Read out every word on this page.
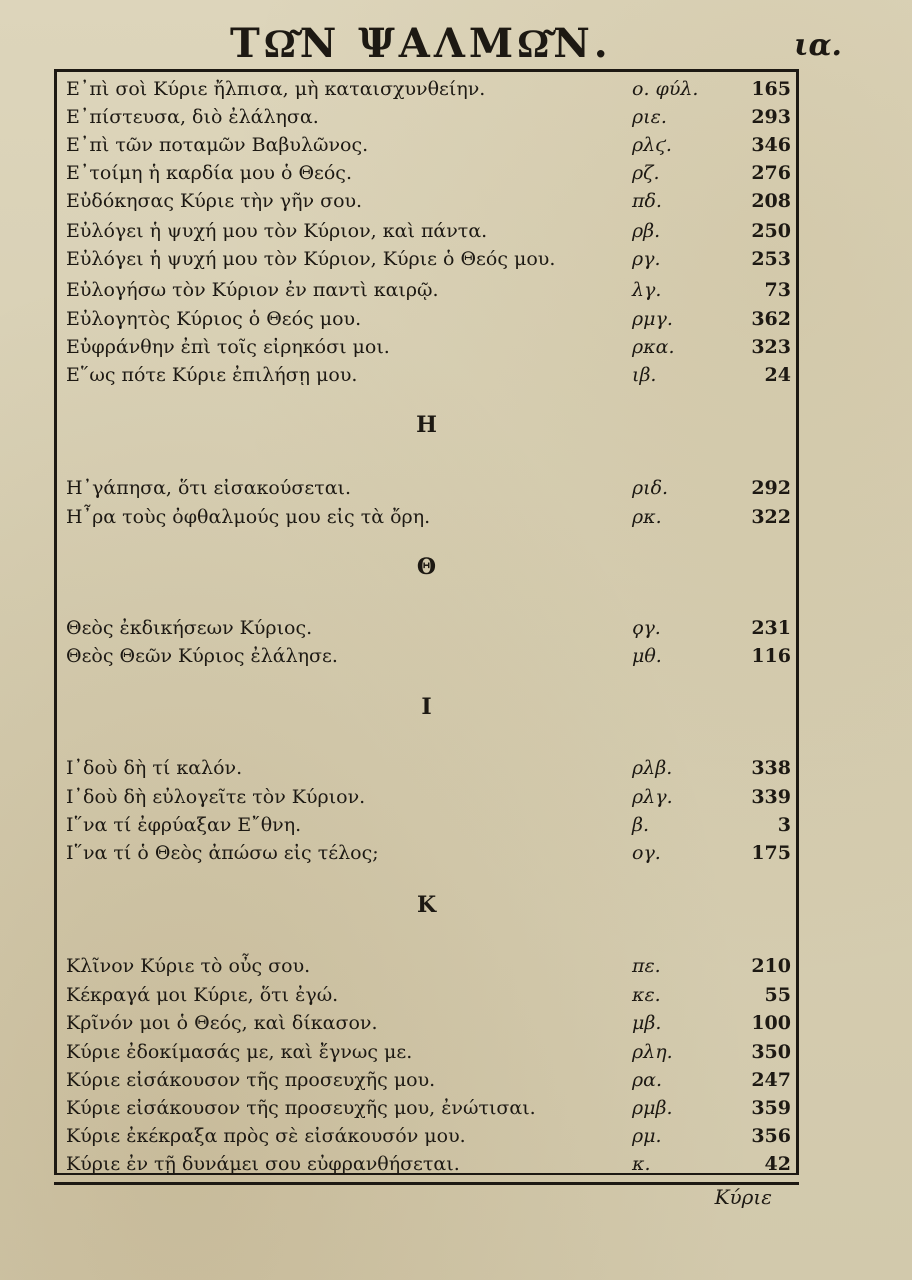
ΤΩ͂Ν ΨΑΛΜΩ͂Ν.	ια.
Ε᾿πὶ σοὶ Κύριε ἤλπισα, μὴ καταισχυνθείην.	ο. φύλ.	165
Ε᾿πίστευσα, διὸ ἐλάλησα.	ριε.	293
Ε᾿πὶ τῶν ποταμῶν Βαβυλῶνος.	ρλϛ.	346
Ε᾿τοίμη ἡ καρδία μου ὁ Θεός.	ρζ.	276
Εὐδόκησας Κύριε τὴν γῆν σου.	πδ.	208
Εὐλόγει ἡ ψυχή μου τὸν Κύριον, καὶ πάντα.	ρβ.	250
Εὐλόγει ἡ ψυχή μου τὸν Κύριον, Κύριε ὁ Θεός μου.	ργ.	253
Εὐλογήσω τὸν Κύριον ἐν παντὶ καιρῷ.	λγ.	73
Εὐλογητὸς Κύριος ὁ Θεός μου.	ρμγ.	362
Εὐφράνθην ἐπὶ τοῖς εἰρηκόσι μοι.	ρκα.	323
Ε῞ως πότε Κύριε ἐπιλήσῃ μου.	ιβ.	24
Η
Η᾿γάπησα, ὅτι εἰσακούσεται.	ριδ.	292
Η῏ρα τοὺς ὀφθαλμούς μου εἰς τὰ ὄρη.	ρκ.	322
Θ
Θεὸς ἐκδικήσεων Κύριος.	ϙγ.	231
Θεὸς Θεῶν Κύριος ἐλάλησε.	μθ.	116
Ι
Ι᾿δοὺ δὴ τί καλόν.	ρλβ.	338
Ι᾿δοὺ δὴ εὐλογεῖτε τὸν Κύριον.	ρλγ.	339
Ι῞να τί ἐφρύαξαν Ε῎θνη.	β.	3
Ι῞να τί ὁ Θεὸς ἀπώσω εἰς τέλος;	ογ.	175
Κ
Κλῖνον Κύριε τὸ οὖς σου.	πε.	210
Κέκραγά μοι Κύριε, ὅτι ἐγώ.	κε.	55
Κρῖνόν μοι ὁ Θεός, καὶ δίκασον.	μβ.	100
Κύριε ἐδοκίμασάς με, καὶ ἔγνως με.	ρλη.	350
Κύριε εἰσάκουσον τῆς προσευχῆς μου.	ρα.	247
Κύριε εἰσάκουσον τῆς προσευχῆς μου, ἐνώτισαι.	ρμβ.	359
Κύριε ἐκέκραξα πρὸς σὲ εἰσάκουσόν μου.	ρμ.	356
Κύριε ἐν τῇ δυνάμει σου εὐφρανθήσεται.	κ.	42
Κύριε
